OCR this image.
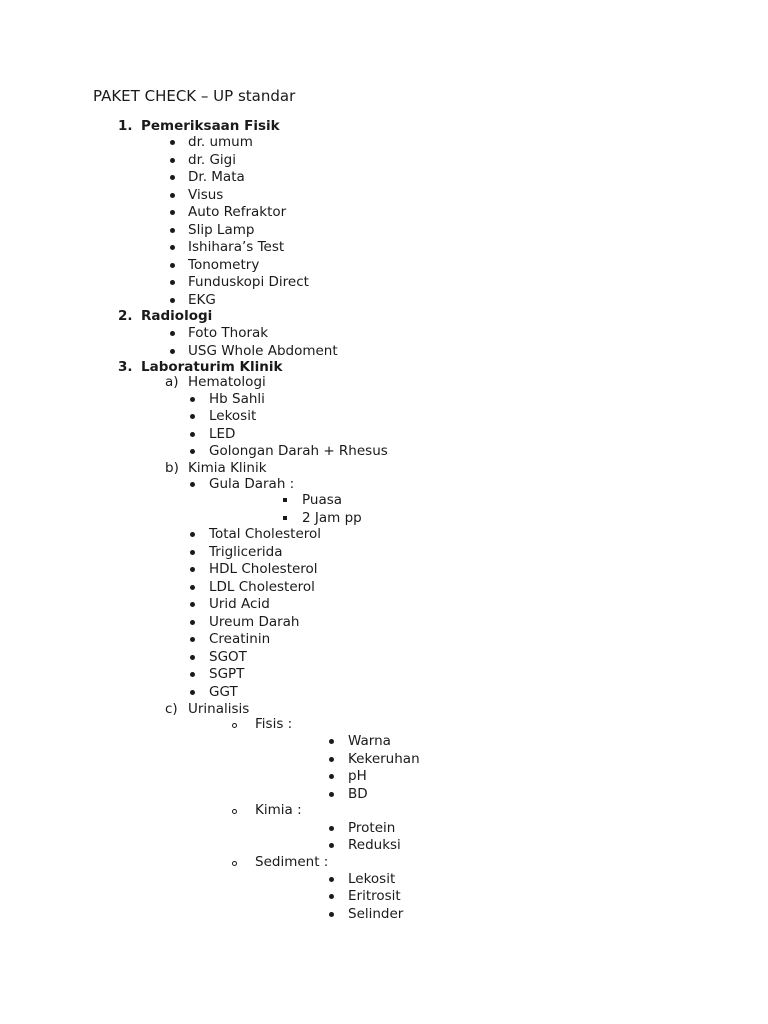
PAKET CHECK – UP standar
1. Pemeriksaan Fisik
dr. umum
dr. Gigi
Dr. Mata
Visus
Auto Refraktor
Slip Lamp
Ishihara’s Test
Tonometry
Funduskopi Direct
EKG
2. Radiologi
Foto Thorak
USG Whole Abdoment
3. Laboraturim Klinik
a) Hematologi
Hb Sahli
Lekosit
LED
Golongan Darah + Rhesus
b) Kimia Klinik
Gula Darah :
Puasa
2 Jam pp
Total Cholesterol
Triglicerida
HDL Cholesterol
LDL Cholesterol
Urid Acid
Ureum Darah
Creatinin
SGOT
SGPT
GGT
c) Urinalisis
Fisis :
Warna
Kekeruhan
pH
BD
Kimia :
Protein
Reduksi
Sediment :
Lekosit
Eritrosit
Selinder
